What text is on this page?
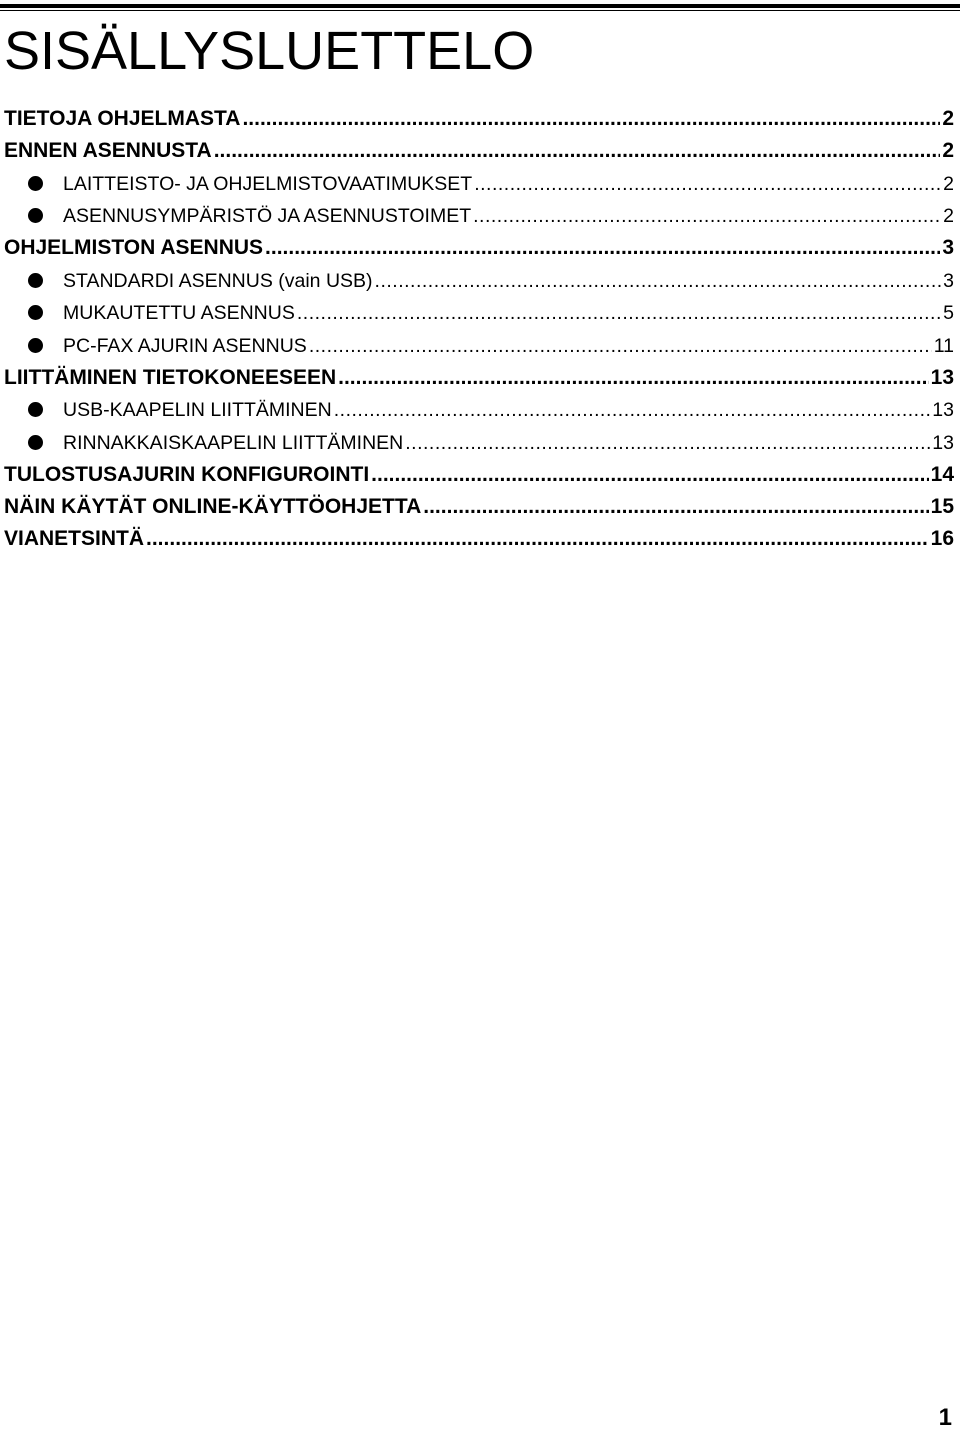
SISÄLLYSLUETTELO
TIETOJA OHJELMASTA .....	2
ENNEN ASENNUSTA .....	2
LAITTEISTO- JA OHJELMISTOVAATIMUKSET .....	2
ASENNUSYMPÄRISTÖ JA ASENNUSTOIMET .....	2
OHJELMISTON ASENNUS .....	3
STANDARDI ASENNUS (vain USB) .....	3
MUKAUTETTU ASENNUS .....	5
PC-FAX AJURIN ASENNUS .....	11
LIITTÄMINEN TIETOKONEESEEN .....	13
USB-KAAPELIN LIITTÄMINEN .....	13
RINNAKKAISKAAPELIN LIITTÄMINEN .....	13
TULOSTUSAJURIN KONFIGUROINTI .....	14
NÄIN KÄYTÄT ONLINE-KÄYTTÖOHJETTA .....	15
VIANETSINTÄ .....	16
1
